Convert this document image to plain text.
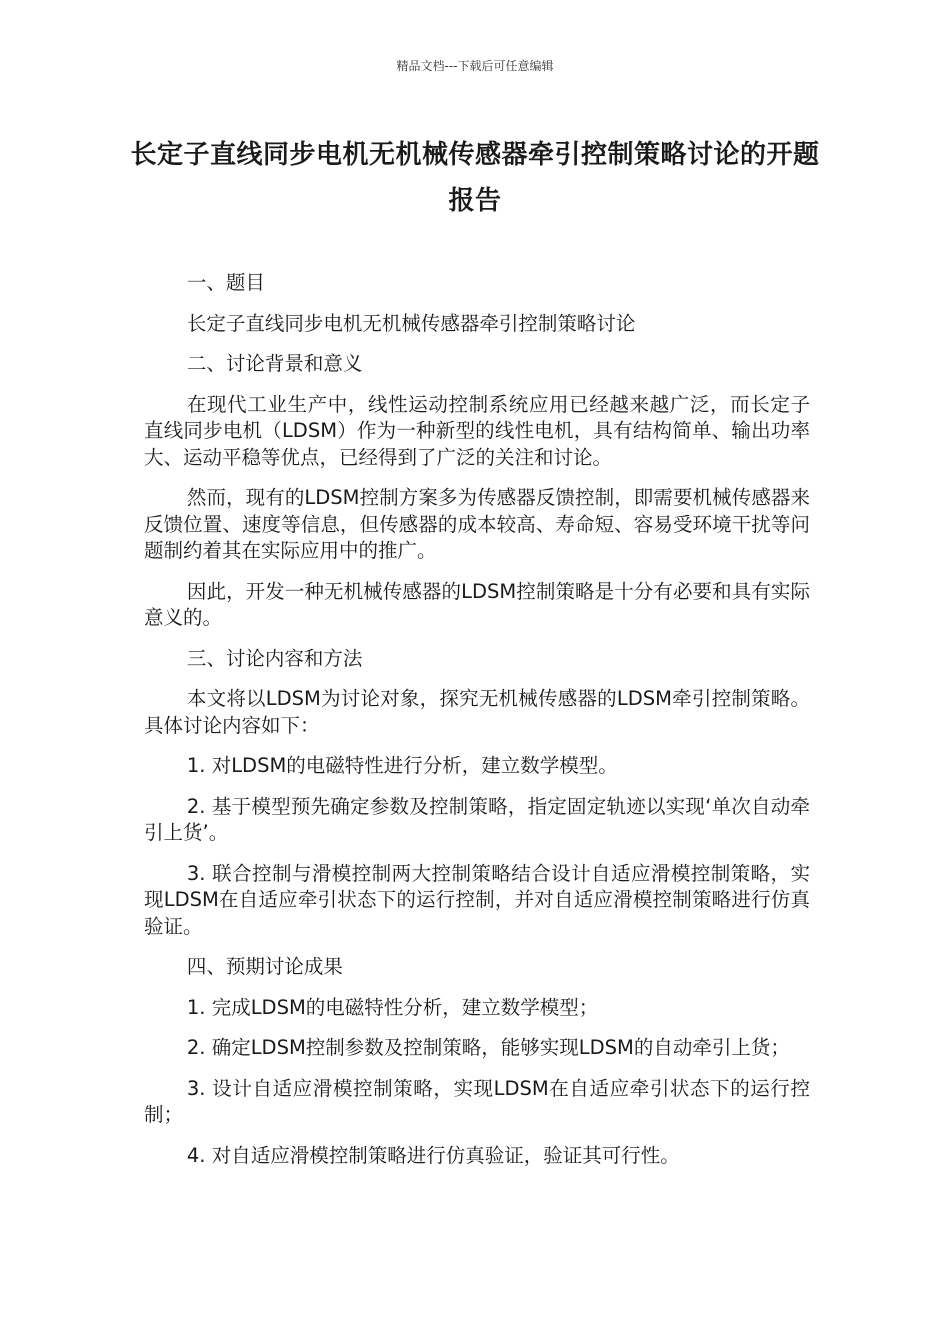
精品文档---下载后可任意编辑
长定子直线同步电机无机械传感器牵引控制策略讨论的开题报告

一、题目

长定子直线同步电机无机械传感器牵引控制策略讨论

二、讨论背景和意义

在现代工业生产中，线性运动控制系统应用已经越来越广泛，而长定子直线同步电机（LDSM）作为一种新型的线性电机，具有结构简单、输出功率大、运动平稳等优点，已经得到了广泛的关注和讨论。

然而，现有的LDSM控制方案多为传感器反馈控制，即需要机械传感器来反馈位置、速度等信息，但传感器的成本较高、寿命短、容易受环境干扰等问题制约着其在实际应用中的推广。

因此，开发一种无机械传感器的LDSM控制策略是十分有必要和具有实际意义的。

三、讨论内容和方法

本文将以LDSM为讨论对象，探究无机械传感器的LDSM牵引控制策略。具体讨论内容如下：

1. 对LDSM的电磁特性进行分析，建立数学模型。

2. 基于模型预先确定参数及控制策略，指定固定轨迹以实现‘单次自动牵引上货’。

3. 联合控制与滑模控制两大控制策略结合设计自适应滑模控制策略，实现LDSM在自适应牵引状态下的运行控制，并对自适应滑模控制策略进行仿真验证。

四、预期讨论成果

1. 完成LDSM的电磁特性分析，建立数学模型；

2. 确定LDSM控制参数及控制策略，能够实现LDSM的自动牵引上货；

3. 设计自适应滑模控制策略，实现LDSM在自适应牵引状态下的运行控制；

4. 对自适应滑模控制策略进行仿真验证，验证其可行性。
